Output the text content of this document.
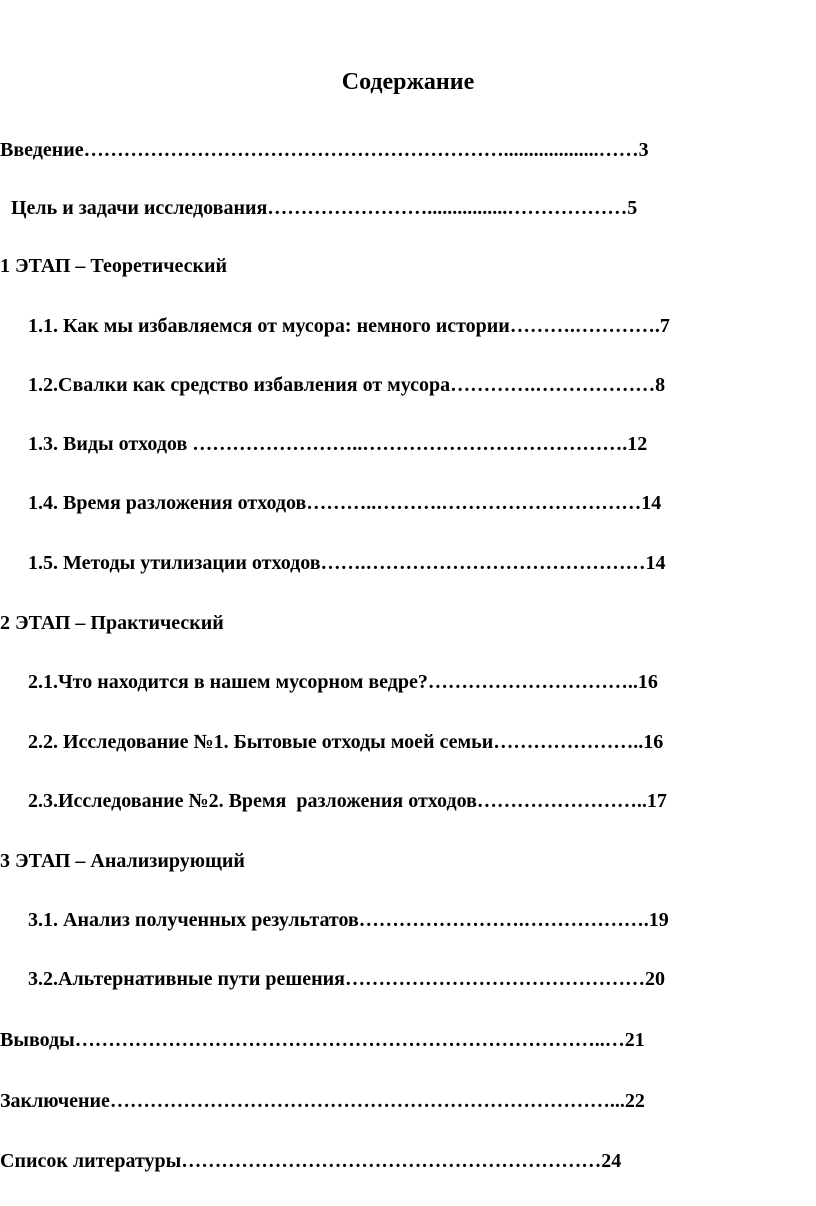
Содержание
Введение………………………………………………………...................……3
Цель и задачи исследования……………………................………………5
1 ЭТАП – Теоретический
1.1. Как мы избавляемся от мусора: немного истории……….………….7
1.2.Свалки как средство избавления от мусора………….………………8
1.3. Виды отходов ……………………..………………………………….12
1.4. Время разложения отходов………..……….…………………………14
1.5. Методы утилизации отходов…….……………………………………14
2 ЭТАП – Практический
2.1.Что находится в нашем мусорном ведре?…………………………..16
2.2. Исследование №1. Бытовые отходы моей семьи…………………..16
2.3.Исследование №2. Время  разложения отходов……………………..17
3 ЭТАП – Анализирующий
3.1. Анализ полученных результатов…………………….……………….19
3.2.Альтернативные пути решения………………………………………20
Выводы……………………………………………………………………..…21
Заключение…………………………………………………………………...22
Список литературы………………………………………………………24
